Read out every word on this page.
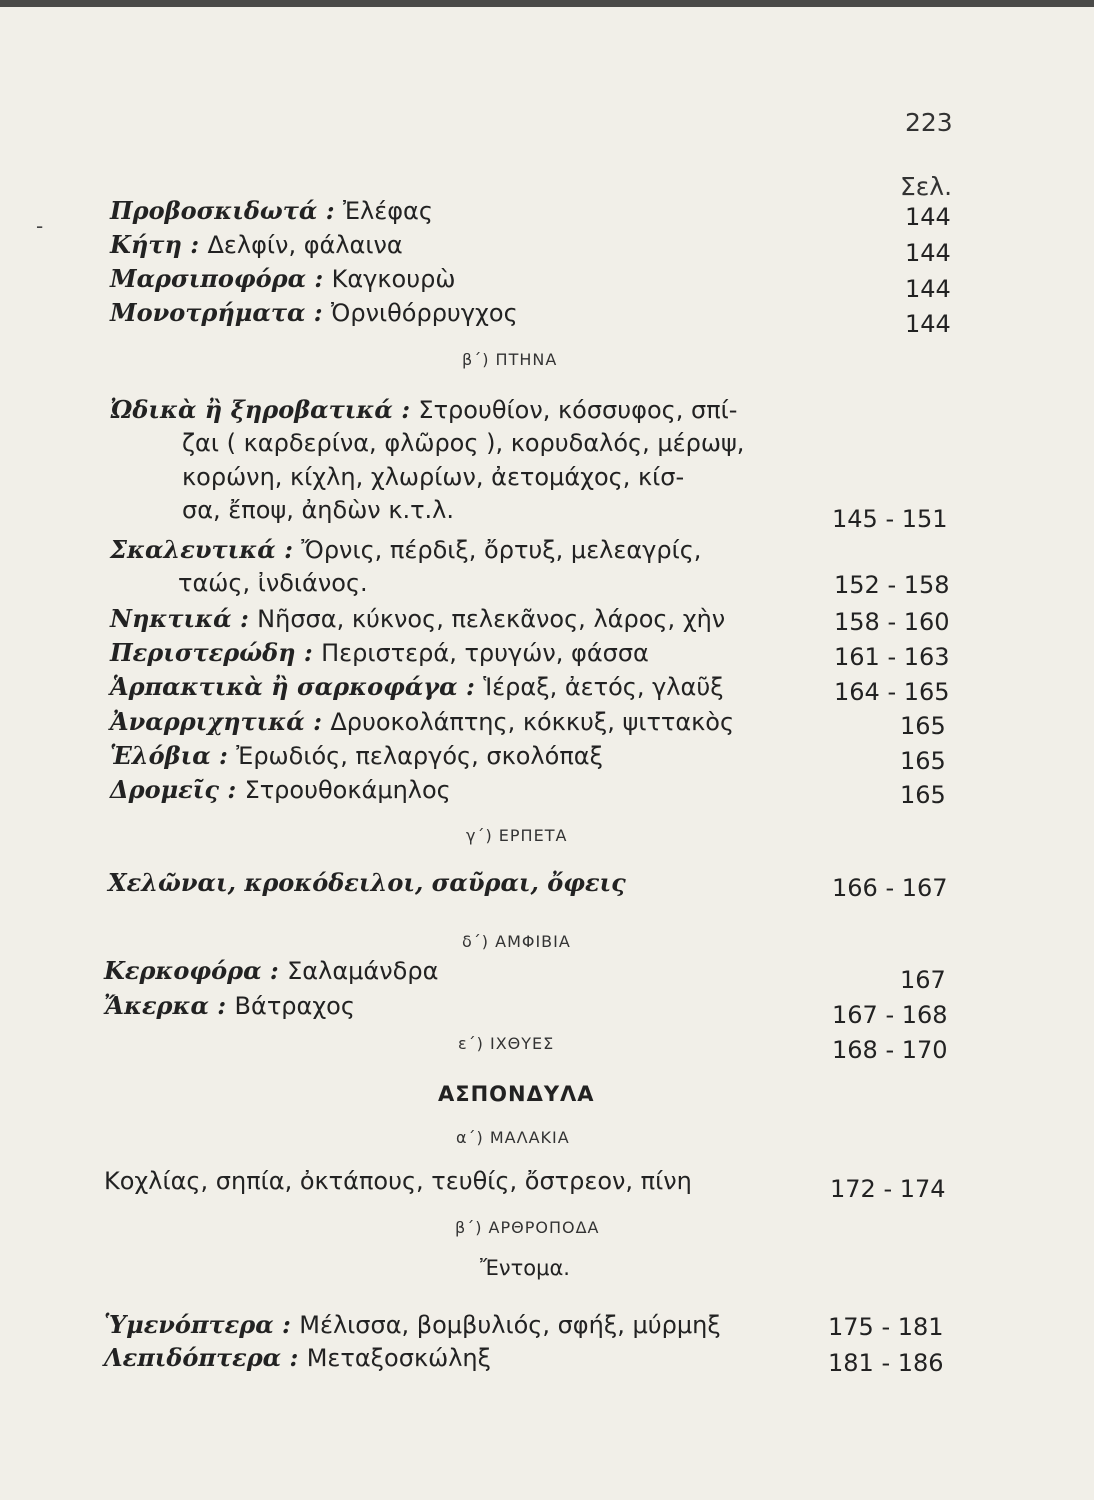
223
Σελ.
-
Προβοσκιδωτά : Ἐλέφας	144
Κήτη : Δελφίν, φάλαινα	144
Μαρσιποφόρα : Καγκουρὼ	144
Μονοτρήματα : Ὀρνιθόρρυγχος	144
β΄) ΠΤΗΝΑ
Ὠδικὰ ἢ ξηροβατικά : Στρουθίον, κόσσυφος, σπί-
ζαι ( καρδερίνα, φλῶρος ), κορυδαλός, μέρωψ,
κορώνη, κίχλη, χλωρίων, ἀετομάχος, κίσ-
σα, ἔποψ, ἀηδὼν κ.τ.λ.	145 - 151
Σκαλευτικά : Ὄρνις, πέρδιξ, ὄρτυξ, μελεαγρίς,
ταώς, ἰνδιάνος.	152 - 158
Νηκτικά : Νῆσσα, κύκνος, πελεκᾶνος, λάρος, χὴν	158 - 160
Περιστερώδη : Περιστερά, τρυγών, φάσσα	161 - 163
Ἁρπακτικὰ ἢ σαρκοφάγα : Ἱέραξ, ἀετός, γλαῦξ	164 - 165
Ἀναρριχητικά : Δρυοκολάπτης, κόκκυξ, ψιττακὸς	165
Ἑλόβια : Ἐρωδιός, πελαργός, σκολόπαξ	165
Δρομεῖς : Στρουθοκάμηλος	165
γ΄) ΕΡΠΕΤΑ
Χελῶναι, κροκόδειλοι, σαῦραι, ὄφεις	166 - 167
δ΄) ΑΜΦΙΒΙΑ
Κερκοφόρα : Σαλαμάνδρα	167
Ἄκερκα : Βάτραχος	167 - 168
ε΄) ΙΧΘΥΕΣ	168 - 170
ΑΣΠΟΝΔΥΛΑ
α΄) ΜΑΛΑΚΙΑ
Κοχλίας, σηπία, ὀκτάπους, τευθίς, ὄστρεον, πίνη	172 - 174
β΄) ΑΡΘΡΟΠΟΔΑ
Ἔντομα.
Ὑμενόπτερα : Μέλισσα, βομβυλιός, σφήξ, μύρμηξ	175 - 181
Λεπιδόπτερα : Μεταξοσκώληξ	181 - 186
